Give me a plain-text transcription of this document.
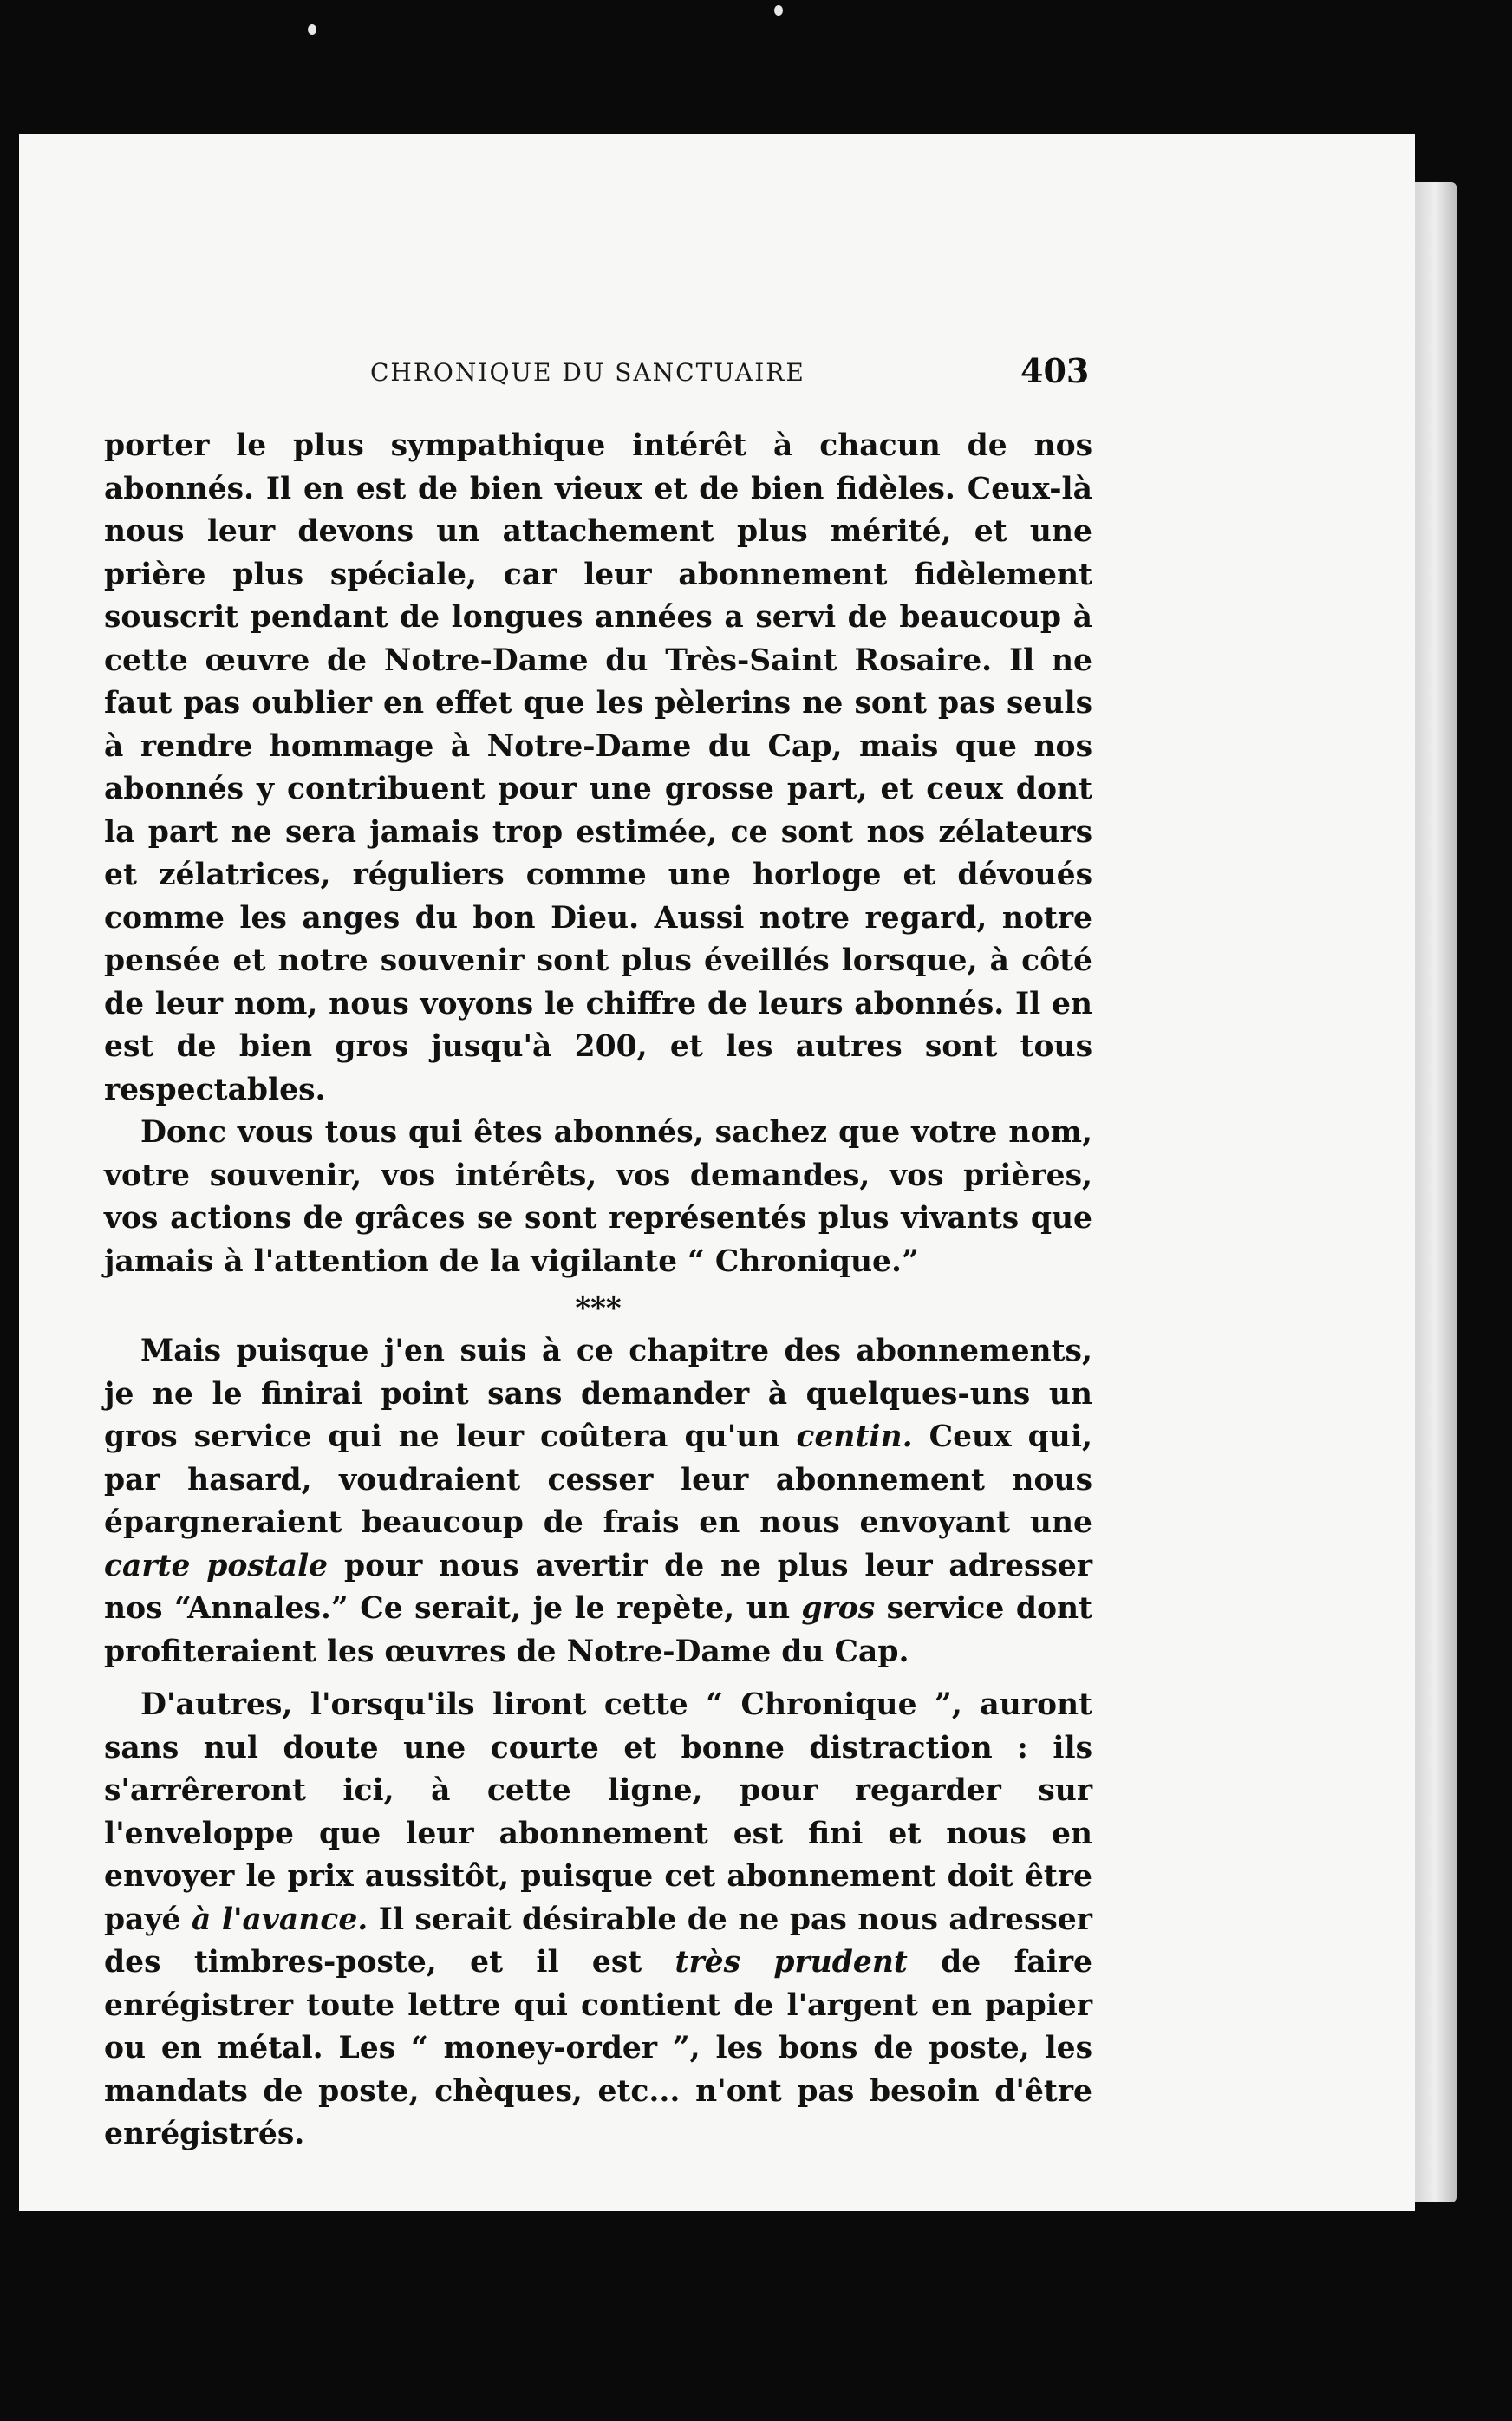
CHRONIQUE DU SANCTUAIRE	403

porter le plus sympathique intérêt à chacun de nos abonnés. Il en est de bien vieux et de bien fidèles. Ceux-là nous leur devons un attachement plus mérité, et une prière plus spéciale, car leur abonnement fidèlement souscrit pendant de longues années a servi de beaucoup à cette œuvre de Notre-Dame du Très-Saint Rosaire. Il ne faut pas oublier en effet que les pèlerins ne sont pas seuls à rendre hommage à Notre-Dame du Cap, mais que nos abonnés y contribuent pour une grosse part, et ceux dont la part ne sera jamais trop estimée, ce sont nos zélateurs et zélatrices, réguliers comme une horloge et dévoués comme les anges du bon Dieu. Aussi notre regard, notre pensée et notre souvenir sont plus éveillés lorsque, à côté de leur nom, nous voyons le chiffre de leurs abonnés. Il en est de bien gros jusqu'à 200, et les autres sont tous respectables.

Donc vous tous qui êtes abonnés, sachez que votre nom, votre souvenir, vos intérêts, vos demandes, vos prières, vos actions de grâces se sont représentés plus vivants que jamais à l'attention de la vigilante “ Chronique.”

***

Mais puisque j'en suis à ce chapitre des abonnements, je ne le finirai point sans demander à quelques-uns un gros service qui ne leur coûtera qu'un centin. Ceux qui, par hasard, voudraient cesser leur abonnement nous épargneraient beaucoup de frais en nous envoyant une carte postale pour nous avertir de ne plus leur adresser nos “Annales.” Ce serait, je le repète, un gros service dont profiteraient les œuvres de Notre-Dame du Cap.

D'autres, l'orsqu'ils liront cette “ Chronique ”, auront sans nul doute une courte et bonne distraction : ils s'arrêreront ici, à cette ligne, pour regarder sur l'enveloppe que leur abonnement est fini et nous en envoyer le prix aussitôt, puisque cet abonnement doit être payé à l'avance. Il serait désirable de ne pas nous adresser des timbres-poste, et il est très prudent de faire enrégistrer toute lettre qui contient de l'argent en papier ou en métal. Les “ money-order ”, les bons de poste, les mandats de poste, chèques, etc... n'ont pas besoin d'être enrégistrés.
